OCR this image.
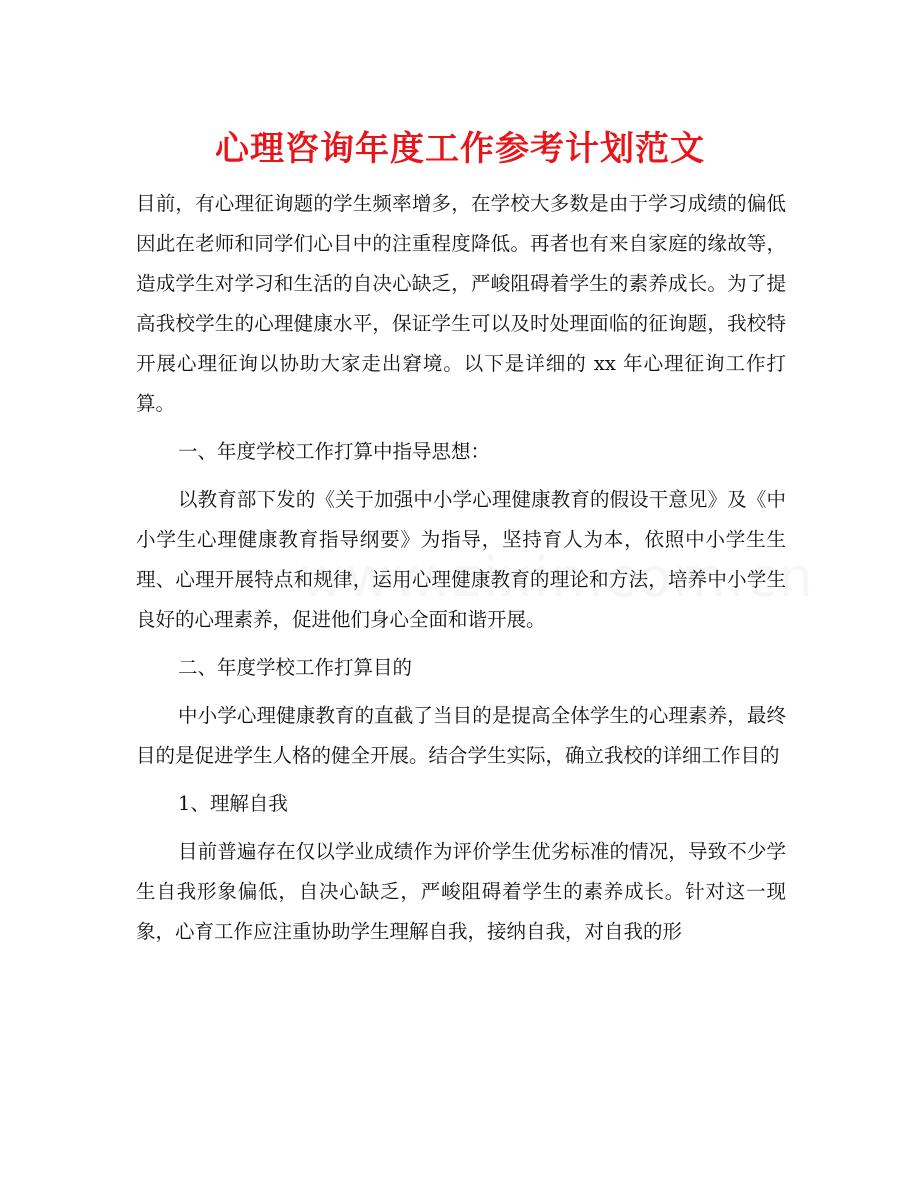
心理咨询年度工作参考计划范文

目前，有心理征询题的学生频率增多，在学校大多数是由于学习成绩的偏低因此在老师和同学们心目中的注重程度降低。再者也有来自家庭的缘故等，造成学生对学习和生活的自决心缺乏，严峻阻碍着学生的素养成长。为了提高我校学生的心理健康水平，保证学生可以及时处理面临的征询题，我校特开展心理征询以协助大家走出窘境。以下是详细的 xx 年心理征询工作打算。

一、年度学校工作打算中指导思想：

以教育部下发的《关于加强中小学心理健康教育的假设干意见》及《中小学生心理健康教育指导纲要》为指导，坚持育人为本，依照中小学生生理、心理开展特点和规律，运用心理健康教育的理论和方法，培养中小学生良好的心理素养，促进他们身心全面和谐开展。

二、年度学校工作打算目的

中小学心理健康教育的直截了当目的是提高全体学生的心理素养，最终目的是促进学生人格的健全开展。结合学生实际，确立我校的详细工作目的

1、理解自我

目前普遍存在仅以学业成绩作为评价学生优劣标准的情况，导致不少学生自我形象偏低，自决心缺乏，严峻阻碍着学生的素养成长。针对这一现象，心育工作应注重协助学生理解自我，接纳自我，对自我的形
